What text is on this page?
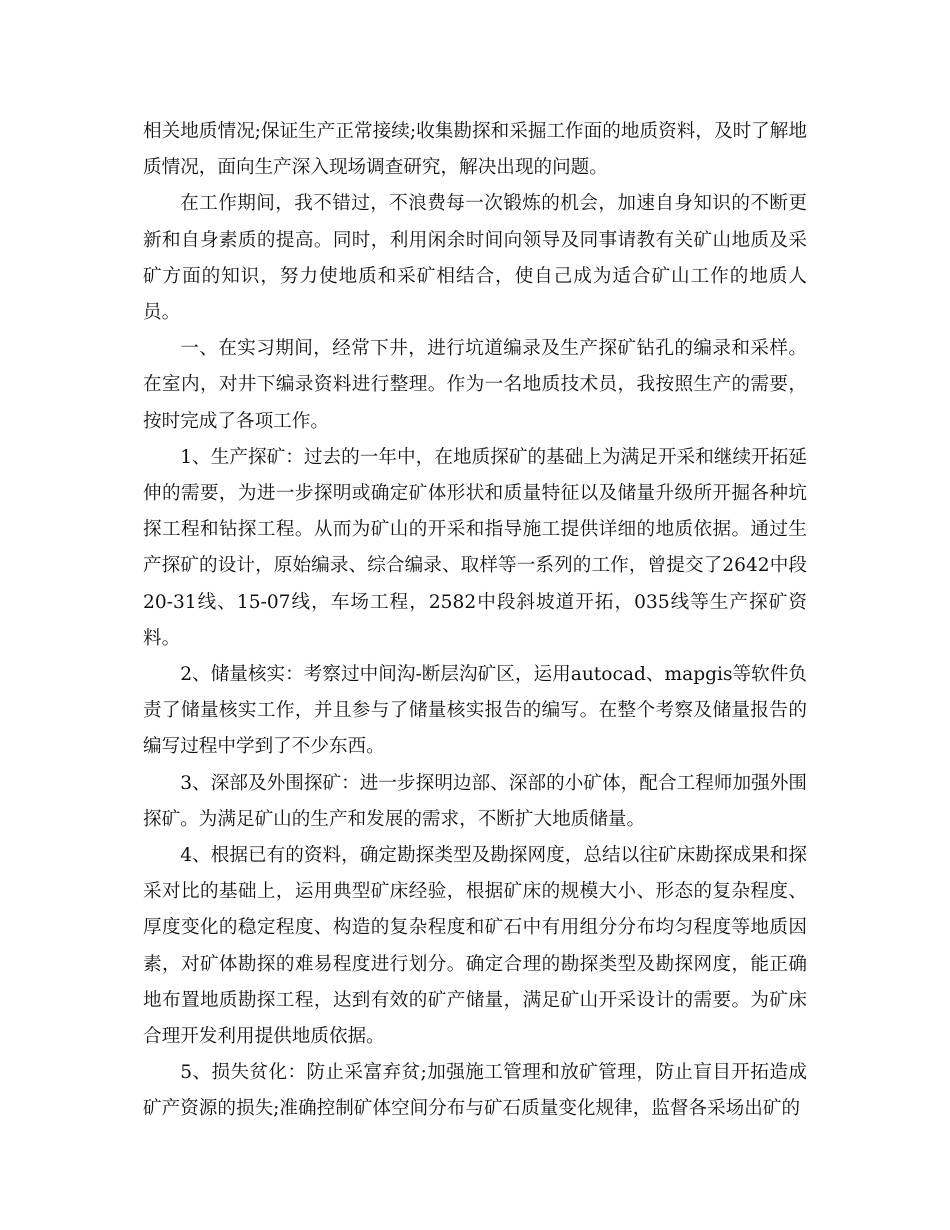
相关地质情况;保证生产正常接续;收集勘探和采掘工作面的地质资料，及时了解地质情况，面向生产深入现场调查研究，解决出现的问题。

在工作期间，我不错过，不浪费每一次锻炼的机会，加速自身知识的不断更新和自身素质的提高。同时，利用闲余时间向领导及同事请教有关矿山地质及采矿方面的知识，努力使地质和采矿相结合，使自己成为适合矿山工作的地质人员。

一、在实习期间，经常下井，进行坑道编录及生产探矿钻孔的编录和采样。在室内，对井下编录资料进行整理。作为一名地质技术员，我按照生产的需要，按时完成了各项工作。

1、生产探矿：过去的一年中，在地质探矿的基础上为满足开采和继续开拓延伸的需要，为进一步探明或确定矿体形状和质量特征以及储量升级所开掘各种坑探工程和钻探工程。从而为矿山的开采和指导施工提供详细的地质依据。通过生产探矿的设计，原始编录、综合编录、取样等一系列的工作，曾提交了2642中段20-31线、15-07线，车场工程，2582中段斜坡道开拓，035线等生产探矿资料。

2、储量核实：考察过中间沟-断层沟矿区，运用autocad、mapgis等软件负责了储量核实工作，并且参与了储量核实报告的编写。在整个考察及储量报告的编写过程中学到了不少东西。

3、深部及外围探矿：进一步探明边部、深部的小矿体，配合工程师加强外围探矿。为满足矿山的生产和发展的需求，不断扩大地质储量。

4、根据已有的资料，确定勘探类型及勘探网度，总结以往矿床勘探成果和探采对比的基础上，运用典型矿床经验，根据矿床的规模大小、形态的复杂程度、厚度变化的稳定程度、构造的复杂程度和矿石中有用组分分布均匀程度等地质因素，对矿体勘探的难易程度进行划分。确定合理的勘探类型及勘探网度，能正确地布置地质勘探工程，达到有效的矿产储量，满足矿山开采设计的需要。为矿床合理开发利用提供地质依据。

5、损失贫化：防止采富弃贫;加强施工管理和放矿管理，防止盲目开拓造成矿产资源的损失;准确控制矿体空间分布与矿石质量变化规律，监督各采场出矿的
